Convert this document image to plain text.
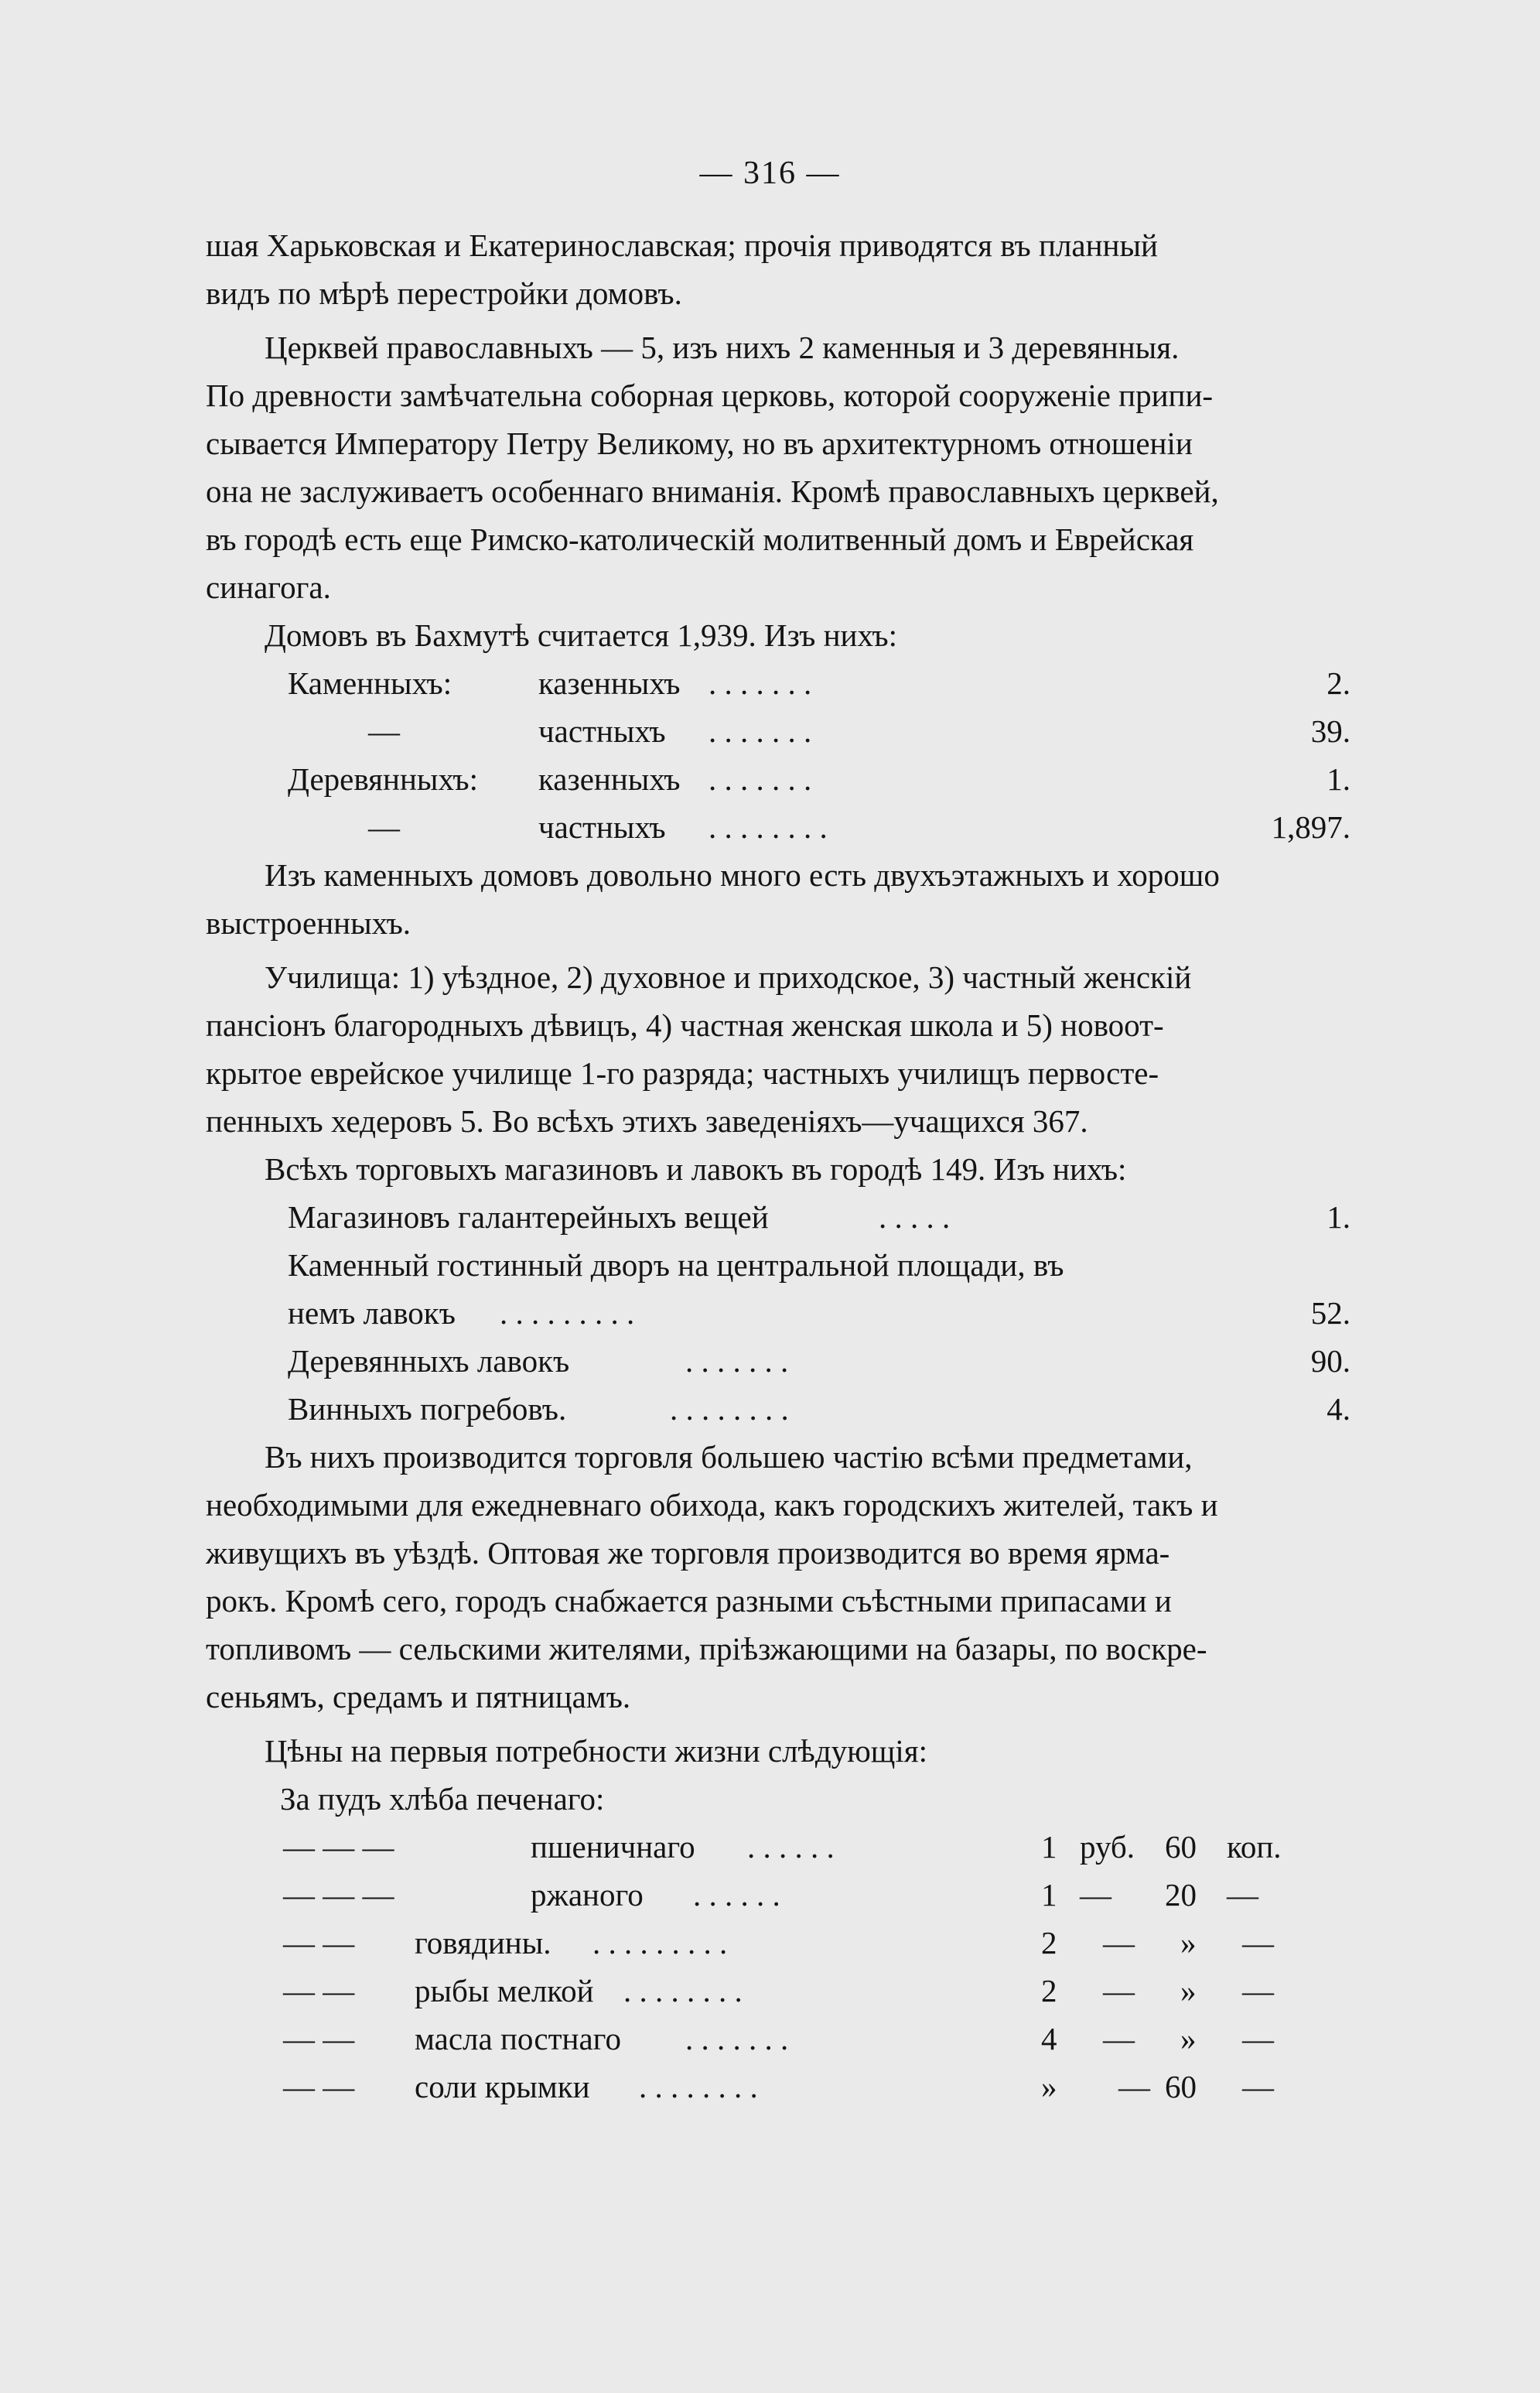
— 316 —
шая Харьковская и Екатеринославская; прочія приводятся въ планный
видъ по мѣрѣ перестройки домовъ.
Церквей православныхъ — 5, изъ нихъ 2 каменныя и 3 деревянныя.
По древности замѣчательна соборная церковь, которой сооруженіе припи-
сывается Императору Петру Великому, но въ архитектурномъ отношеніи
она не заслуживаетъ особеннаго вниманія. Кромѣ православныхъ церквей,
въ городѣ есть еще Римско-католическій молитвенный домъ и Еврейская
синагога.
Домовъ въ Бахмутѣ считается 1,939. Изъ нихъ:
Каменныхъ:	казенныхъ . . . . . . .	2.
—	частныхъ . . . . . . .	39.
Деревянныхъ: казенныхъ . . . . . . .	1.
—	частныхъ . . . . . . . .	1,897.
Изъ каменныхъ домовъ довольно много есть двухъэтажныхъ и хорошо
выстроенныхъ.
Училища: 1) уѣздное, 2) духовное и приходское, 3) частный женскій
пансіонъ благородныхъ дѣвицъ, 4) частная женская школа и 5) новоот-
крытое еврейское училище 1-го разряда; частныхъ училищъ первосте-
пенныхъ хедеровъ 5. Во всѣхъ этихъ заведеніяхъ—учащихся 367.
Всѣхъ торговыхъ магазиновъ и лавокъ въ городѣ 149. Изъ нихъ:
Магазиновъ галантерейныхъ вещей	. . . . .	1.
Каменный гостинный дворъ на центральной площади, въ
немъ лавокъ . . . . . . . . .	52.
Деревянныхъ лавокъ	. . . . . . .	90.
Винныхъ погребовъ.	. . . . . . . .	4.
Въ нихъ производится торговля большею частію всѣми предметами,
необходимыми для ежедневнаго обихода, какъ городскихъ жителей, такъ и
живущихъ въ уѣздѣ. Оптовая же торговля производится во время ярма-
рокъ. Кромѣ сего, городъ снабжается разными съѣстными припасами и
топливомъ — сельскими жителями, пріѣзжающими на базары, по воскре-
сеньямъ, средамъ и пятницамъ.
Цѣны на первыя потребности жизни слѣдующія:
За пудъ хлѣба печенаго:
— — —	пшеничнаго . . . . . .	1 руб. 60 коп.
— — —	ржаного . . . . . .	1 — 20 —
— — говядины. . . . . . . . . .	2 — » —
— — рыбы мелкой . . . . . . . .	2 — » —
— — масла постнаго . . . . . . .	4 — » —
— — соли крымки . . . . . . . .	» — 60 —
